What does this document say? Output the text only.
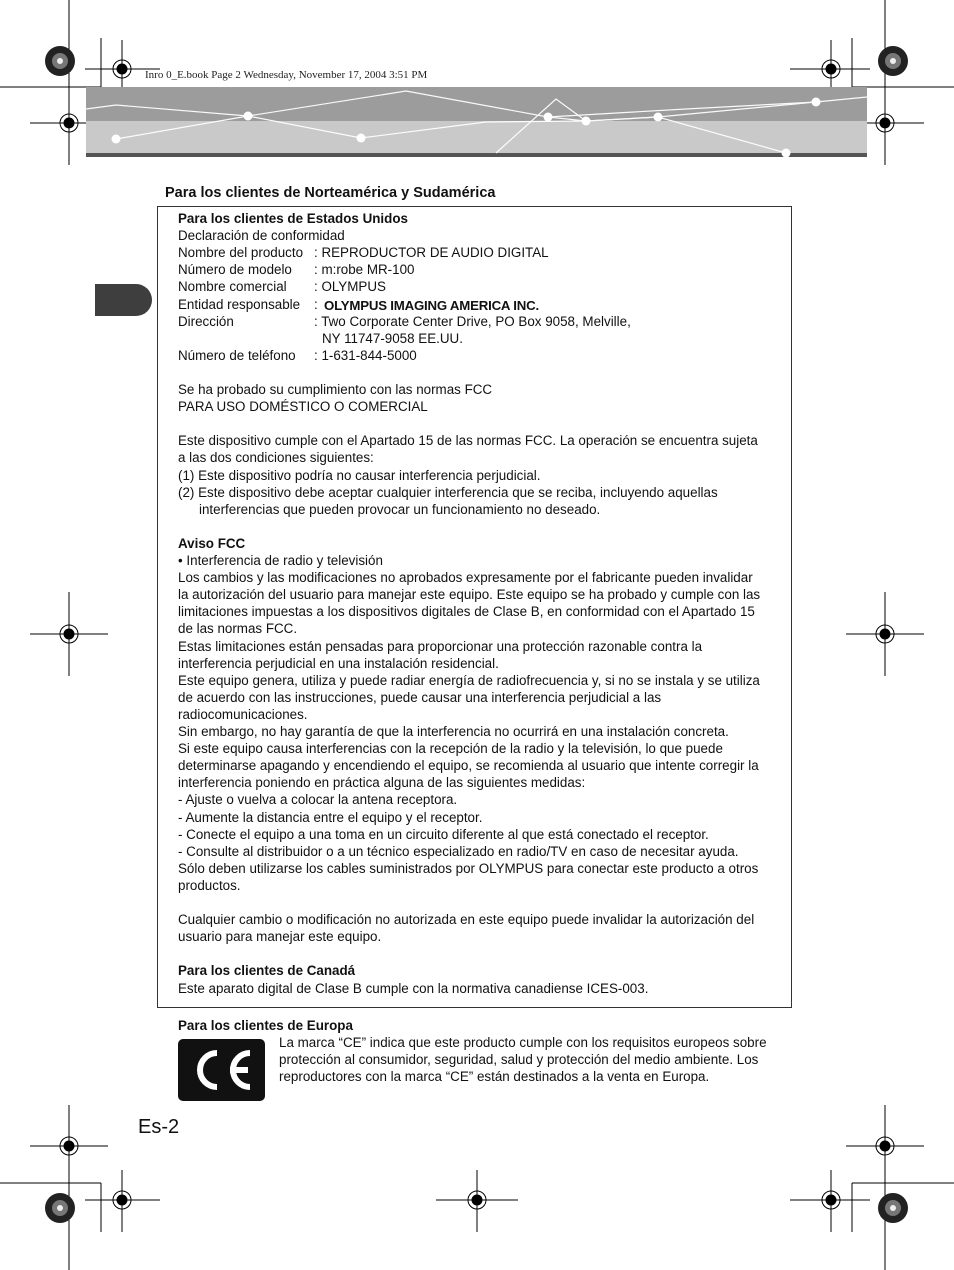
Inro 0_E.book Page 2 Wednesday, November 17, 2004 3:51 PM
Para los clientes de Norteamérica y Sudamérica
Para los clientes de Estados Unidos
Declaración de conformidad
Nombre del producto : REPRODUCTOR DE AUDIO DIGITAL
Número de modelo : m:robe MR-100
Nombre comercial : OLYMPUS
Entidad responsable : OLYMPUS IMAGING AMERICA INC.
Dirección	: Two Corporate Center Drive, PO Box 9058, Melville,
NY 11747-9058 EE.UU.
Número de teléfono : 1-631-844-5000
Se ha probado su cumplimiento con las normas FCC
PARA USO DOMÉSTICO O COMERCIAL
Este dispositivo cumple con el Apartado 15 de las normas FCC. La operación se encuentra sujeta
a las dos condiciones siguientes:
(1) Este dispositivo podría no causar interferencia perjudicial.
(2) Este dispositivo debe aceptar cualquier interferencia que se reciba, incluyendo aquellas
interferencias que pueden provocar un funcionamiento no deseado.
Aviso FCC
• Interferencia de radio y televisión
Los cambios y las modificaciones no aprobados expresamente por el fabricante pueden invalidar
la autorización del usuario para manejar este equipo. Este equipo se ha probado y cumple con las
limitaciones impuestas a los dispositivos digitales de Clase B, en conformidad con el Apartado 15
de las normas FCC.
Estas limitaciones están pensadas para proporcionar una protección razonable contra la
interferencia perjudicial en una instalación residencial.
Este equipo genera, utiliza y puede radiar energía de radiofrecuencia y, si no se instala y se utiliza
de acuerdo con las instrucciones, puede causar una interferencia perjudicial a las
radiocomunicaciones.
Sin embargo, no hay garantía de que la interferencia no ocurrirá en una instalación concreta.
Si este equipo causa interferencias con la recepción de la radio y la televisión, lo que puede
determinarse apagando y encendiendo el equipo, se recomienda al usuario que intente corregir la
interferencia poniendo en práctica alguna de las siguientes medidas:
- Ajuste o vuelva a colocar la antena receptora.
- Aumente la distancia entre el equipo y el receptor.
- Conecte el equipo a una toma en un circuito diferente al que está conectado el receptor.
- Consulte al distribuidor o a un técnico especializado en radio/TV en caso de necesitar ayuda.
Sólo deben utilizarse los cables suministrados por OLYMPUS para conectar este producto a otros
productos.
Cualquier cambio o modificación no autorizada en este equipo puede invalidar la autorización del
usuario para manejar este equipo.
Para los clientes de Canadá
Este aparato digital de Clase B cumple con la normativa canadiense ICES-003.
Para los clientes de Europa
La marca “CE” indica que este producto cumple con los requisitos europeos sobre
protección al consumidor, seguridad, salud y protección del medio ambiente. Los
reproductores con la marca “CE” están destinados a la venta en Europa.
Es-2
